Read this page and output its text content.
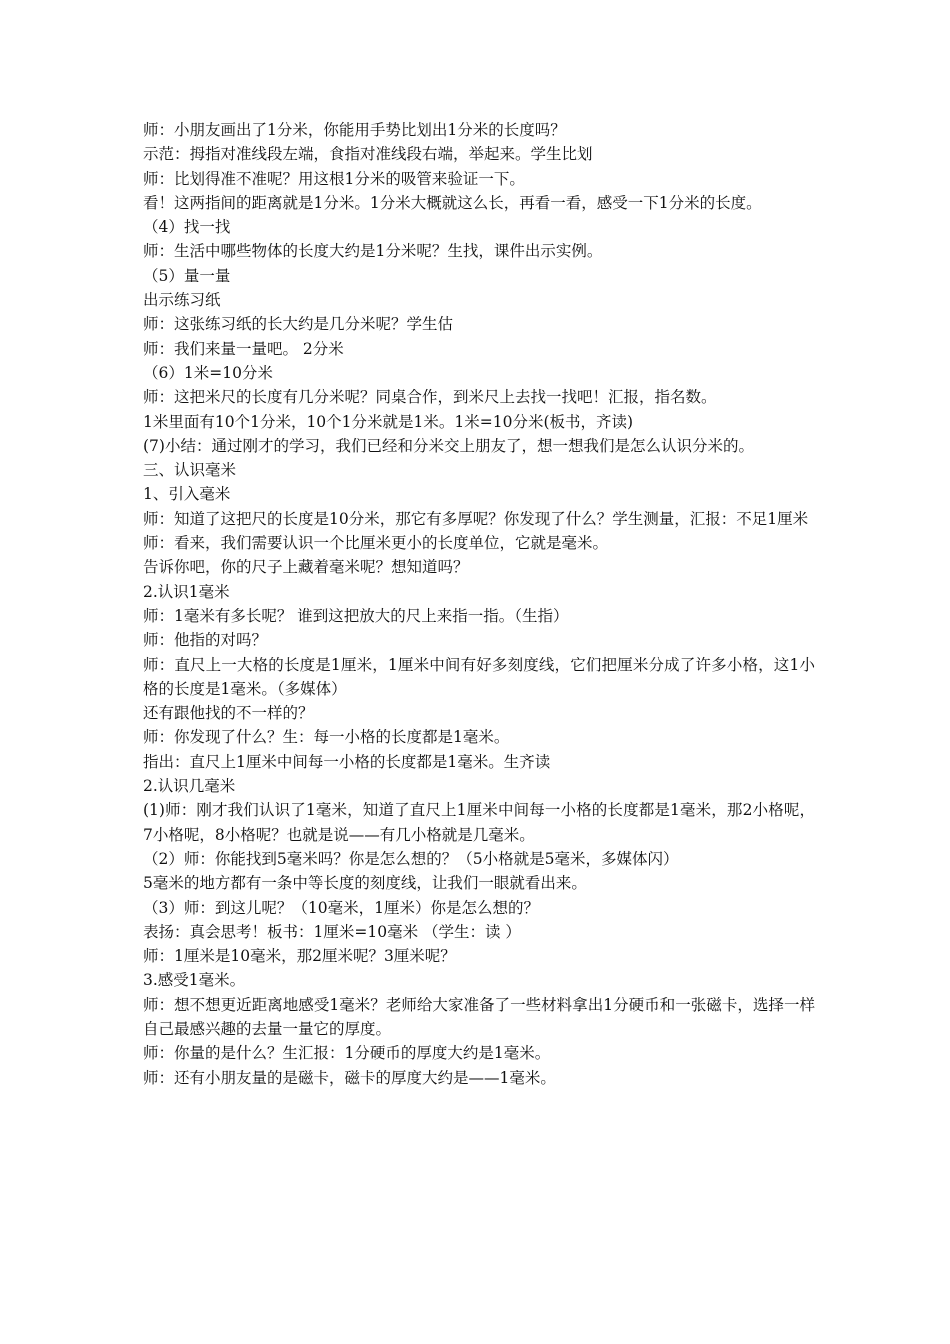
师：小朋友画出了1分米，你能用手势比划出1分米的长度吗？

示范：拇指对准线段左端，食指对准线段右端，举起来。学生比划

师：比划得准不准呢？用这根1分米的吸管来验证一下。

看！这两指间的距离就是1分米。1分米大概就这么长，再看一看，感受一下1分米的长度。

（4）找一找

师：生活中哪些物体的长度大约是1分米呢？生找，课件出示实例。

（5）量一量

出示练习纸

师：这张练习纸的长大约是几分米呢？学生估

师：我们来量一量吧。 2分米

（6）1米=10分米

师：这把米尺的长度有几分米呢？同桌合作，到米尺上去找一找吧！汇报，指名数。

1米里面有10个1分米，10个1分米就是1米。1米=10分米(板书，齐读)

(7)小结：通过刚才的学习，我们已经和分米交上朋友了，想一想我们是怎么认识分米的。

三、认识毫米

1、引入毫米

师：知道了这把尺的长度是10分米，那它有多厚呢？你发现了什么？学生测量，汇报：不足1厘米

师：看来，我们需要认识一个比厘米更小的长度单位，它就是毫米。

告诉你吧，你的尺子上藏着毫米呢？想知道吗？

2.认识1毫米

师：1毫米有多长呢？ 谁到这把放大的尺上来指一指。（生指）

师：他指的对吗？

师：直尺上一大格的长度是1厘米，1厘米中间有好多刻度线，它们把厘米分成了许多小格，这1小格的长度是1毫米。（多媒体）

还有跟他找的不一样的？

师：你发现了什么？生：每一小格的长度都是1毫米。

指出：直尺上1厘米中间每一小格的长度都是1毫米。生齐读

2.认识几毫米

(1)师：刚才我们认识了1毫米，知道了直尺上1厘米中间每一小格的长度都是1毫米，那2小格呢，7小格呢，8小格呢？也就是说——有几小格就是几毫米。

（2）师：你能找到5毫米吗？你是怎么想的？（5小格就是5毫米，多媒体闪）

5毫米的地方都有一条中等长度的刻度线，让我们一眼就看出来。

（3）师：到这儿呢？（10毫米，1厘米）你是怎么想的？

表扬：真会思考！板书：1厘米=10毫米 （学生：读 ）

师：1厘米是10毫米，那2厘米呢？3厘米呢？

3.感受1毫米。

师：想不想更近距离地感受1毫米？老师给大家准备了一些材料拿出1分硬币和一张磁卡，选择一样自己最感兴趣的去量一量它的厚度。

师：你量的是什么？生汇报：1分硬币的厚度大约是1毫米。

师：还有小朋友量的是磁卡，磁卡的厚度大约是——1毫米。
